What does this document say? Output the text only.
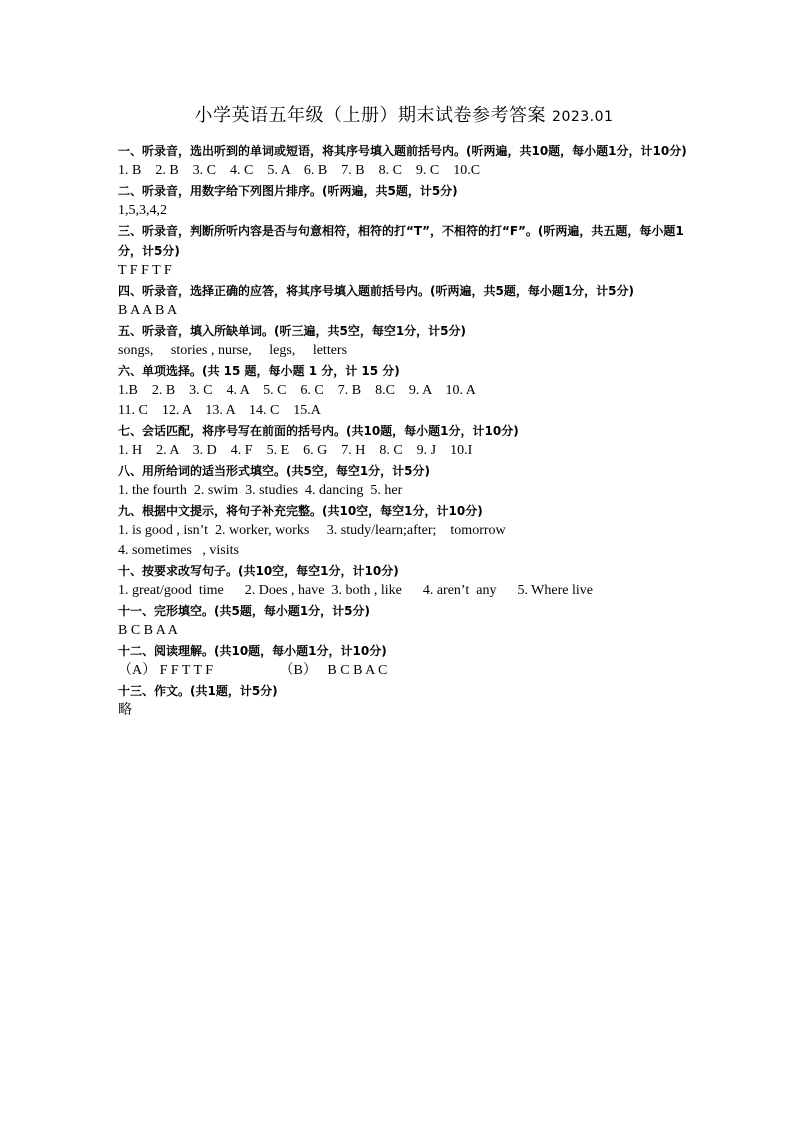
小学英语五年级（上册）期末试卷参考答案 2023.01

一、听录音，选出听到的单词或短语，将其序号填入题前括号内。(听两遍，共10题，每小题1分，计10分)

1. B    2. B    3. C    4. C    5. A    6. B    7. B    8. C    9. C    10.C

二、听录音，用数字给下列图片排序。(听两遍，共5题，计5分)

1,5,3,4,2

三、听录音，判断所听内容是否与句意相符，相符的打“T”，不相符的打“F”。(听两遍，共五题，每小题1分，计5分)

T F F T F

四、听录音，选择正确的应答，将其序号填入题前括号内。(听两遍，共5题，每小题1分，计5分)

B A A B A

五、听录音，填入所缺单词。(听三遍，共5空，每空1分，计5分)

songs,     stories , nurse,     legs,     letters

六、单项选择。(共 15 题，每小题 1 分，计 15 分)

1.B    2. B    3. C    4. A    5. C    6. C    7. B    8.C    9. A    10. A

11. C    12. A    13. A    14. C    15.A

七、会话匹配，将序号写在前面的括号内。(共10题，每小题1分，计10分)

1. H    2. A    3. D    4. F    5. E    6. G    7. H    8. C    9. J    10.I

八、用所给词的适当形式填空。(共5空，每空1分，计5分)

1. the fourth  2. swim  3. studies  4. dancing  5. her

九、根据中文提示，将句子补充完整。(共10空，每空1分，计10分)

1. is good , isn’t  2. worker, works     3. study/learn;after;    tomorrow

4. sometimes   , visits

十、按要求改写句子。(共10空，每空1分，计10分)

1. great/good  time      2. Does , have  3. both , like      4. aren’t  any      5. Where live

十一、完形填空。(共5题，每小题1分，计5分)

B C B A A

十二、阅读理解。(共10题，每小题1分，计10分)

（A） F F T T F                   （B）   B C B A C

十三、作文。(共1题，计5分)

略
